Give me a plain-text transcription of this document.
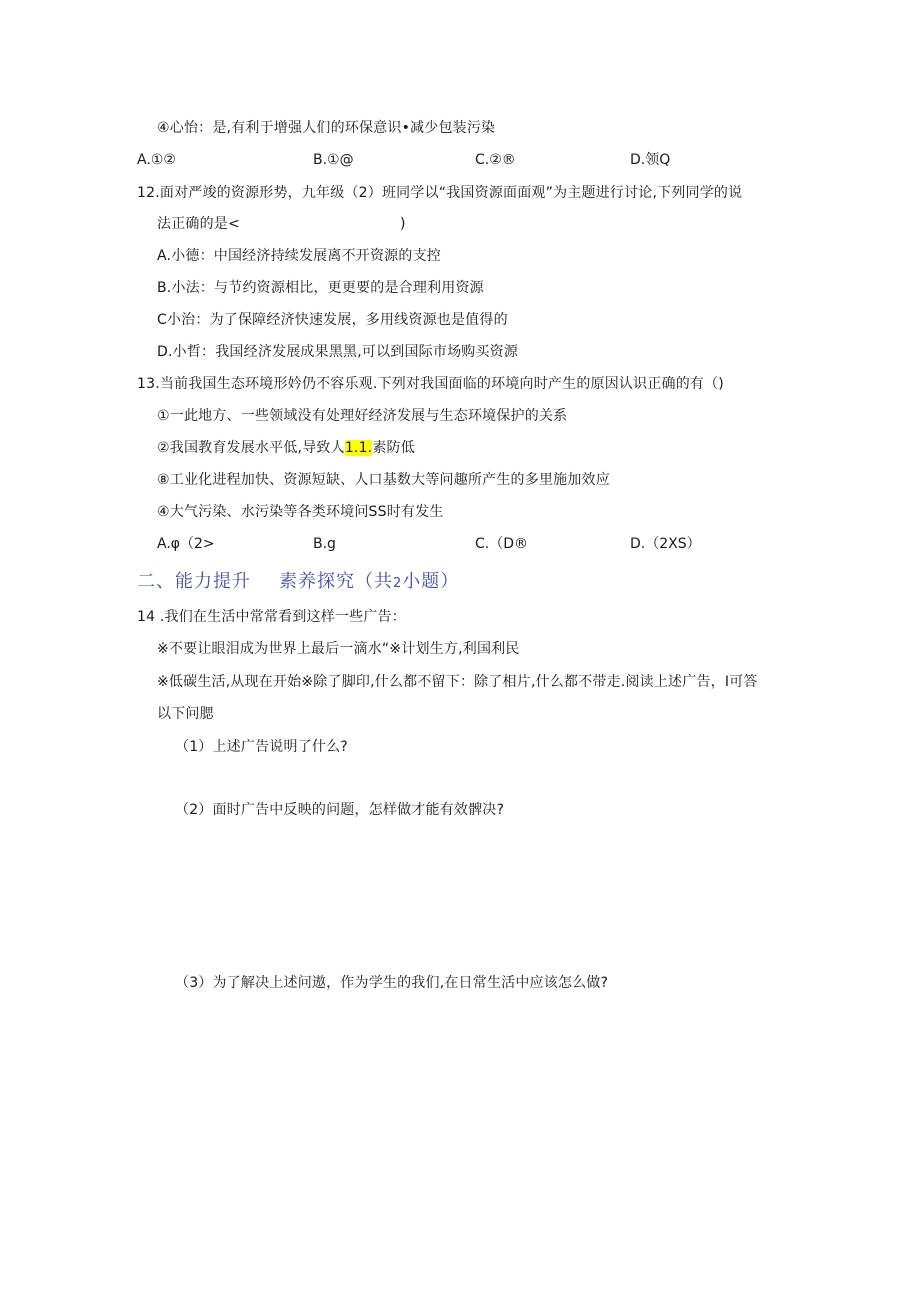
④心怡：是,有利于增强人们的环保意识•减少包装污染
A.①②	B.①@	C.②®	D.领Q
12.面对严竣的资源形势，九年级（2）班同学以“我国资源面面观”为主题进行讨论,下列同学的说
法正确的是<	)
A.小德：中国经济持续发展离不开资源的支控
B.小法：与节约资源相比，更更要的是合理利用资源
C小治：为了保障经济快速发展，多用线资源也是值得的
D.小哲：我国经济发展成果黑黑,可以到国际市场购买资源
13.当前我国生态环境形妗仍不容乐观.下列对我国面临的环境向时产生的原因认识正确的有（)
①一此地方、一些领域没有处理好经济发展与生态环境保护的关系
②我国教育发展水平低,导致人1.1.素防低
⑧工业化进程加快、资源短缺、人口基数大等问趣所产生的多里施加效应
④大气污染、水污染等各类环境问SS时有发生
A.φ（2>	B.g	C.（D®	D.（2XS）
二、能力提升 素养探究（共2小题）
14 .我们在生活中常常看到这样一些广告：
※不要让眼泪成为世界上最后一滴水“※计划生方,利国利民
※低碳生活,从现在开始※除了脚印,什么都不留下：除了相片,什么都不带走.阅读上述广告，I可答
以下问腮
（1）上述广告说明了什么?
（2）面时广告中反映的问题，怎样做才能有效髀决?
（3）为了解决上述问遨，作为学生的我们,在日常生活中应该怎么做?
